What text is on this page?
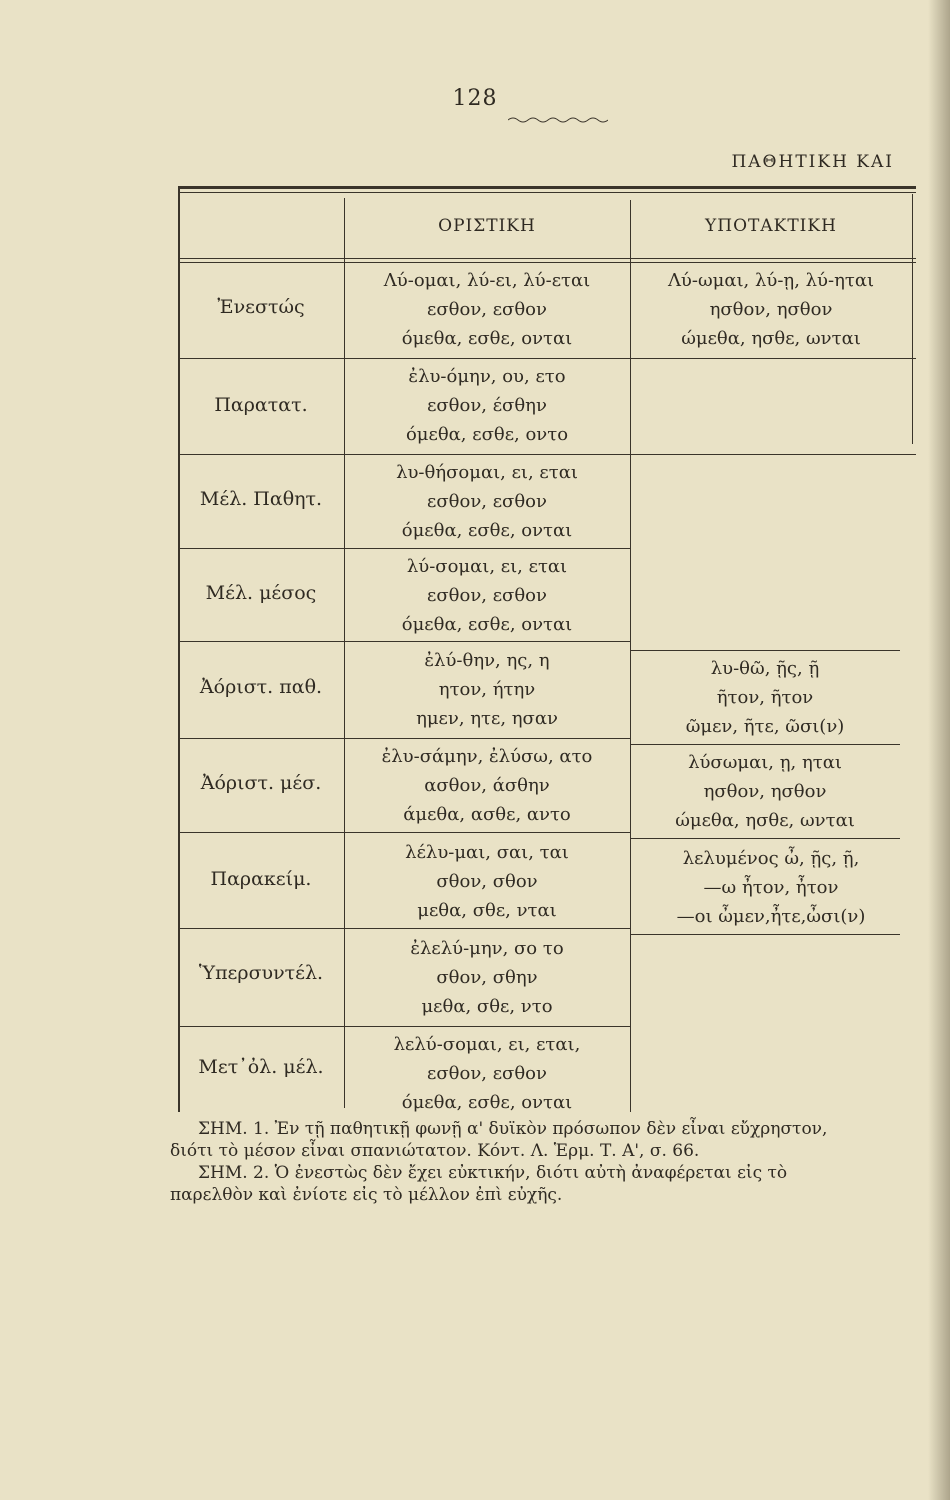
128
ΠΑΘΗΤΙΚΗ ΚΑΙ
ΟΡΙΣΤΙΚΗ	ΥΠΟΤΑΚΤΙΚΗ
Ἐνεστώς
Λύ-ομαι, λύ-ει, λύ-εται
εσθον, εσθον
όμεθα, εσθε, ονται
Λύ-ωμαι, λύ-ῃ, λύ-ηται
ησθον, ησθον
ώμεθα, ησθε, ωνται
Παρατατ.
ἐλυ-όμην, ου, ετο
εσθον, έσθην
όμεθα, εσθε, οντο
Μέλ. Παθητ.
λυ-θήσομαι, ει, εται
εσθον, εσθον
όμεθα, εσθε, ονται
Μέλ. μέσος
λύ-σομαι, ει, εται
εσθον, εσθον
όμεθα, εσθε, ονται
Ἀόριστ. παθ.
ἐλύ-θην, ης, η
ητον, ήτην
ημεν, ητε, ησαν
λυ-θῶ, ῇς, ῇ
ῆτον, ῆτον
ῶμεν, ῆτε, ῶσι(ν)
Ἀόριστ. μέσ.
ἐλυ-σάμην, ἐλύσω, ατο
ασθον, άσθην
άμεθα, ασθε, αντο
λύσωμαι, ῃ, ηται
ησθον, ησθον
ώμεθα, ησθε, ωνται
Παρακείμ.
λέλυ-μαι, σαι, ται
σθον, σθον
μεθα, σθε, νται
λελυμένος ὦ, ῇς, ῇ,
—ω ἦτον, ἦτον
—οι ὦμεν,ἦτε,ὦσι(ν)
Ὑπερσυντέλ.
ἐλελύ-μην, σο το
σθον, σθην
μεθα, σθε, ντο
Μετ᾽ὀλ. μέλ.
λελύ-σομαι, ει, εται,
εσθον, εσθον
όμεθα, εσθε, ονται

ΣΗΜ. 1. Ἐν τῇ παθητικῇ φωνῇ α' δυϊκὸν πρόσωπον δὲν εἶναι εὔχρηστον,

διότι τὸ μέσον εἶναι σπανιώτατον. Κόντ. Λ. Ἑρμ. Τ. Α', σ. 66.

ΣΗΜ. 2. Ὁ ἐνεστὼς δὲν ἔχει εὐκτικήν, διότι αὐτὴ ἀναφέρεται εἰς τὸ

παρελθὸν καὶ ἐνίοτε εἰς τὸ μέλλον ἐπὶ εὐχῆς.
